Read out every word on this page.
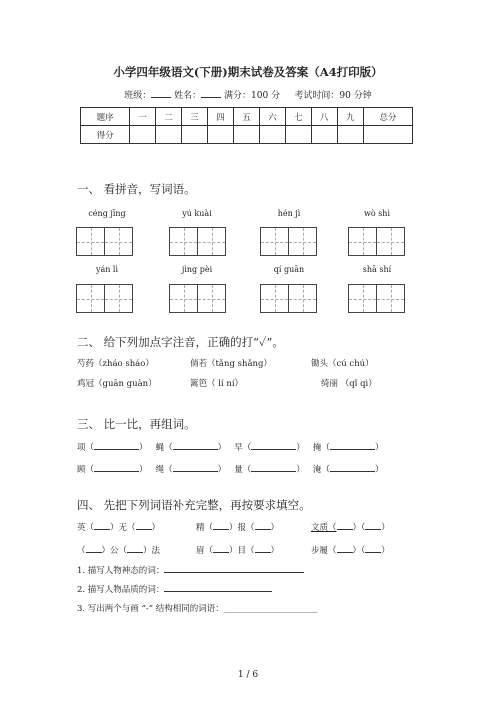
小学四年级语文(下册)期末试卷及答案（A4打印版）
班级：	姓名：	满分：100 分 考试时间：90 分钟
题序	一	二	三	四	五	六	七	八	九	总分
得分										
一、 看拼音，写词语。
céng jīng	yú kuài	hén jì	wò shì
yán lì	jìng pèi	qí guān	shā shí
二、 给下列加点字注音，正确的打“✓”。
芍药（zháo sháo）	倘若（tǎng shǎng）	锄头（cú chú）
鸡冠（guān guàn）	篱笆（ lí ní）	绮丽 （qǐ qì）
三、 比一比，再组词。
项（	） 蝇（	） 早（	） 掩（	）
顾（	） 绳（	） 量（	） 淹（	）
四、 先把下列词语补充完整，再按要求填空。
英（ ）无（ ）	精（ ）报（ ）	文质（ ）（ ）
（ ）公（ ）法	眉（ ）目（ ）	步履（ ）（ ）
1. 描写人物神态的词：
2. 描写人物品质的词：
3. 写出两个与画 “-” 结构相同的词语：______________________
1 / 6
